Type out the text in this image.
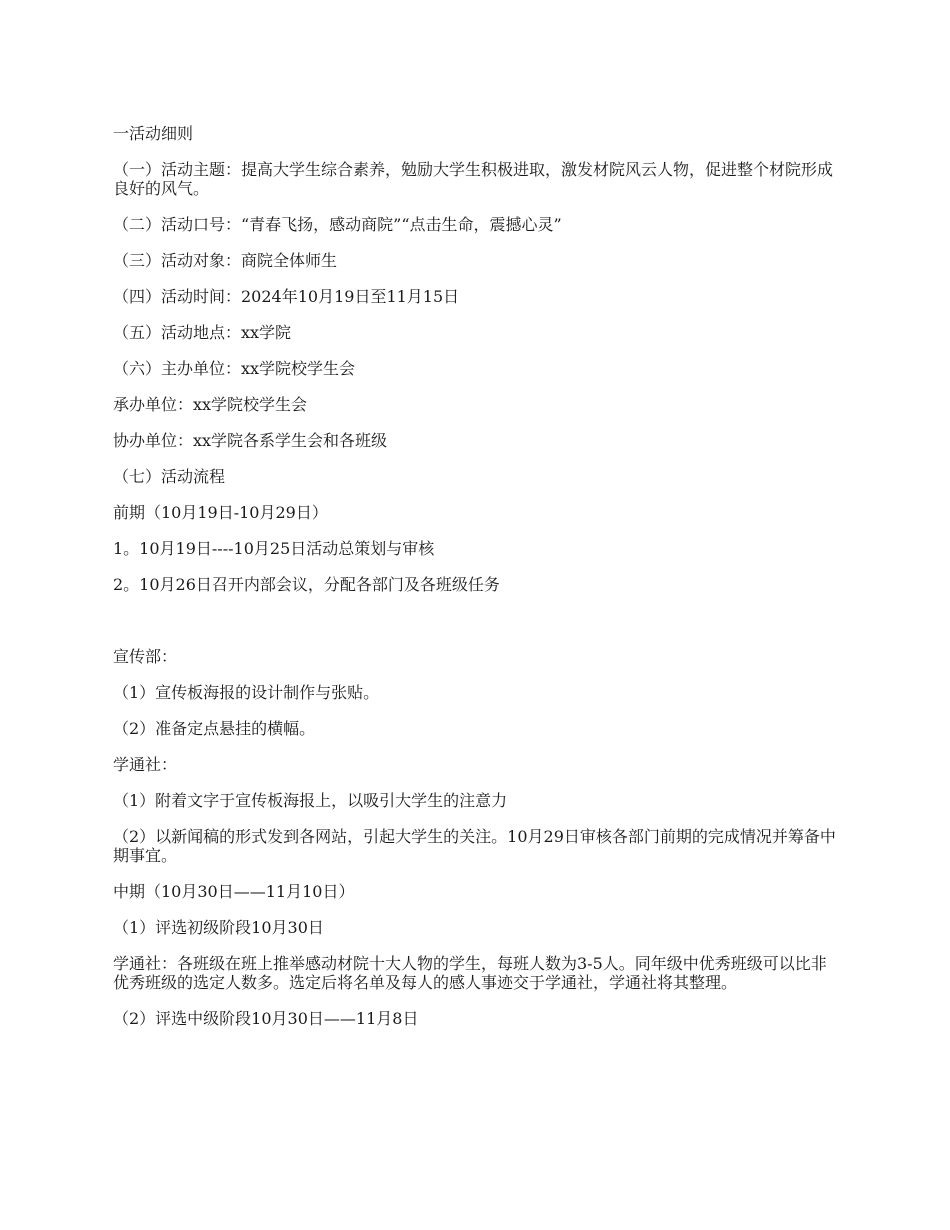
一活动细则

（一）活动主题：提高大学生综合素养，勉励大学生积极进取，激发材院风云人物，促进整个材院形成良好的风气。

（二）活动口号：“青春飞扬，感动商院”“点击生命，震撼心灵”

（三）活动对象：商院全体师生

（四）活动时间：2024年10月19日至11月15日

（五）活动地点：xx学院

（六）主办单位：xx学院校学生会

承办单位：xx学院校学生会

协办单位：xx学院各系学生会和各班级

（七）活动流程

前期（10月19日-10月29日）

1。10月19日----10月25日活动总策划与审核

2。10月26日召开内部会议，分配各部门及各班级任务

宣传部：

（1）宣传板海报的设计制作与张贴。

（2）准备定点悬挂的横幅。

学通社：

（1）附着文字于宣传板海报上，以吸引大学生的注意力

（2）以新闻稿的形式发到各网站，引起大学生的关注。10月29日审核各部门前期的完成情况并筹备中期事宜。

中期（10月30日——11月10日）

（1）评选初级阶段10月30日

学通社：各班级在班上推举感动材院十大人物的学生，每班人数为3-5人。同年级中优秀班级可以比非优秀班级的选定人数多。选定后将名单及每人的感人事迹交于学通社，学通社将其整理。

（2）评选中级阶段10月30日——11月8日
